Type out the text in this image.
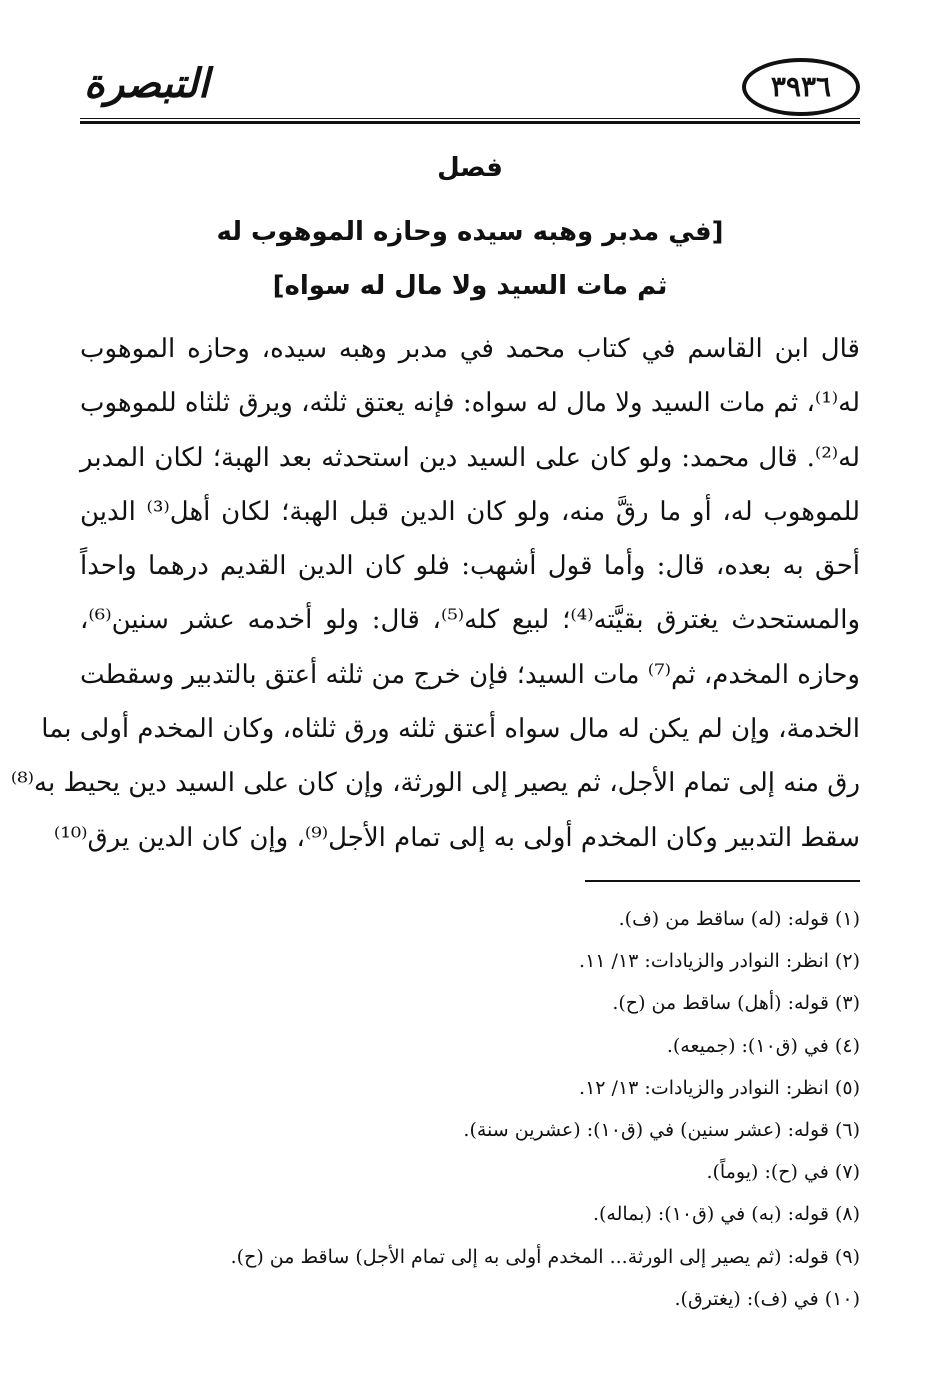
٣٩٣٦
التبصرة
فصل
[في مدبر وهبه سيده وحازه الموهوب له
ثم مات السيد ولا مال له سواه]
قال ابن القاسم في كتاب محمد في مدبر وهبه سيده، وحازه الموهوب
له⁽¹⁾، ثم مات السيد ولا مال له سواه: فإنه يعتق ثلثه، ويرق ثلثاه للموهوب
له⁽²⁾. قال محمد: ولو كان على السيد دين استحدثه بعد الهبة؛ لكان المدبر
للموهوب له، أو ما رقَّ منه، ولو كان الدين قبل الهبة؛ لكان أهل⁽³⁾ الدين
أحق به بعده، قال: وأما قول أشهب: فلو كان الدين القديم درهما واحداً
والمستحدث يغترق بقيَّته⁽⁴⁾؛ لبيع كله⁽⁵⁾، قال: ولو أخدمه عشر سنين⁽⁶⁾،
وحازه المخدم، ثم⁽⁷⁾ مات السيد؛ فإن خرج من ثلثه أعتق بالتدبير وسقطت
الخدمة، وإن لم يكن له مال سواه أعتق ثلثه ورق ثلثاه، وكان المخدم أولى بما
رق منه إلى تمام الأجل، ثم يصير إلى الورثة، وإن كان على السيد دين يحيط به⁽⁸⁾
سقط التدبير وكان المخدم أولى به إلى تمام الأجل⁽⁹⁾، وإن كان الدين يرق⁽¹⁰⁾
(١) قوله: (له) ساقط من (ف).
(٢) انظر: النوادر والزيادات: ١٣/ ١١.
(٣) قوله: (أهل) ساقط من (ح).
(٤) في (ق١٠): (جميعه).
(٥) انظر: النوادر والزيادات: ١٣/ ١٢.
(٦) قوله: (عشر سنين) في (ق١٠): (عشرين سنة).
(٧) في (ح): (يوماً).
(٨) قوله: (به) في (ق١٠): (بماله).
(٩) قوله: (ثم يصير إلى الورثة... المخدم أولى به إلى تمام الأجل) ساقط من (ح).
(١٠) في (ف): (يغترق).
